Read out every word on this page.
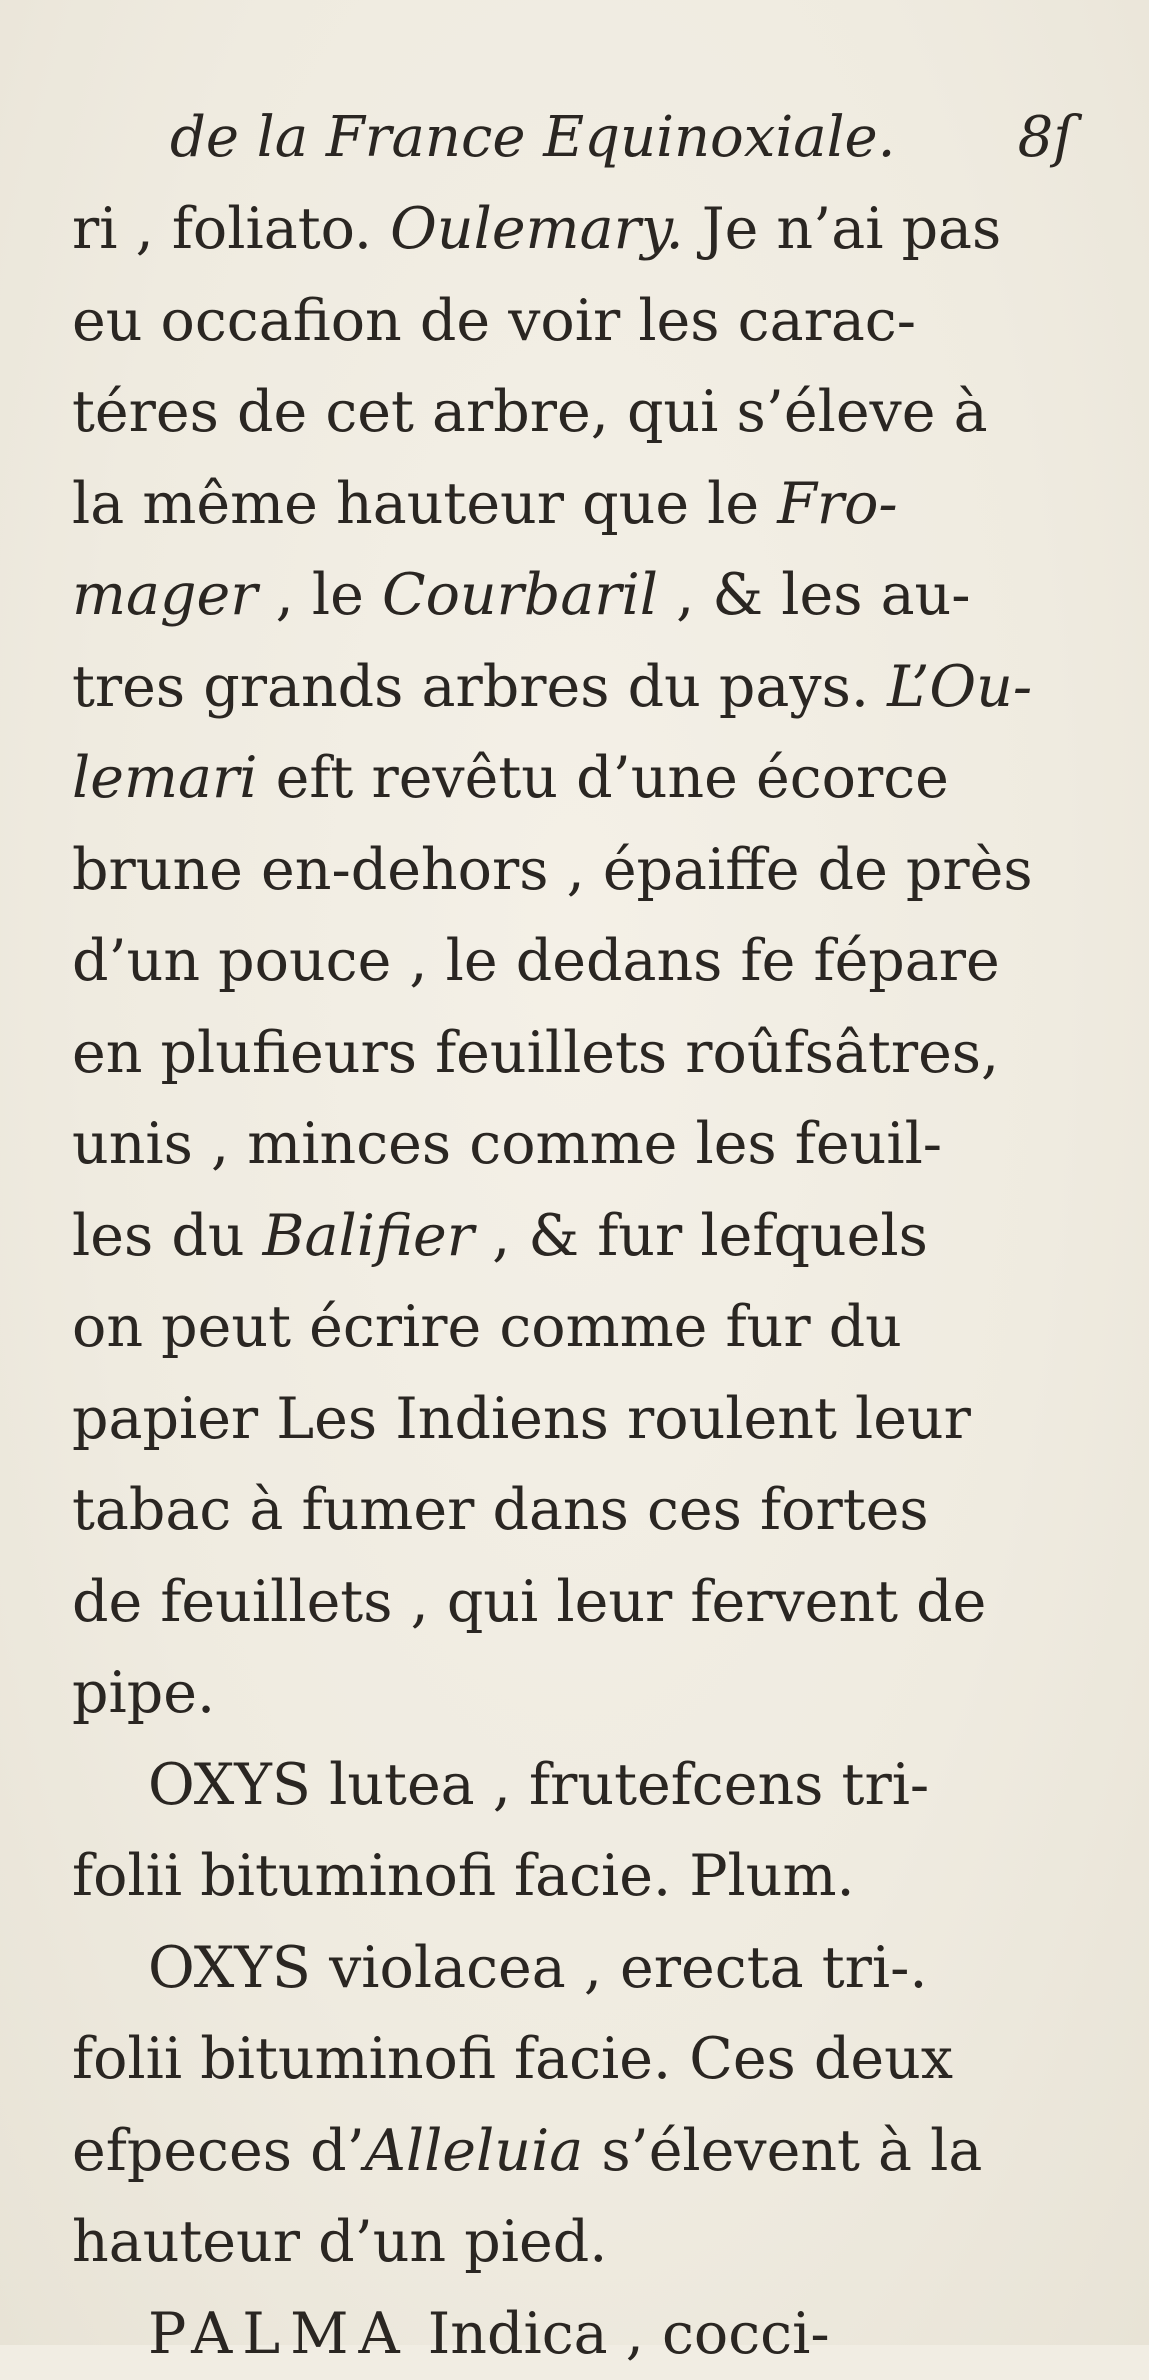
de la France Equinoxiale. 8ſ
ri , foliato. Oulemary. Je n’ai pas
eu occafion de voir les carac-
téres de cet arbre, qui s’éleve à
la même hauteur que le Fro-
mager , le Courbaril , & les au-
tres grands arbres du pays. L’Ou-
lemari eft revêtu d’une écorce
brune en-dehors , épaiffe de près
d’un pouce , le dedans fe fépare
en plufieurs feuillets roûfsâtres,
unis , minces comme les feuil-
les du Balifier , & fur lefquels
on peut écrire comme fur du
papier Les Indiens roulent leur
tabac à fumer dans ces fortes
de feuillets , qui leur fervent de
pipe.
OXYS lutea , frutefcens tri-
folii bituminofi facie. Plum.
OXYS violacea , erecta tri-.
folii bituminofi facie. Ces deux
efpeces d’Alleluia s’élevent à la
hauteur d’un pied.
PALMA Indica , cocci-
